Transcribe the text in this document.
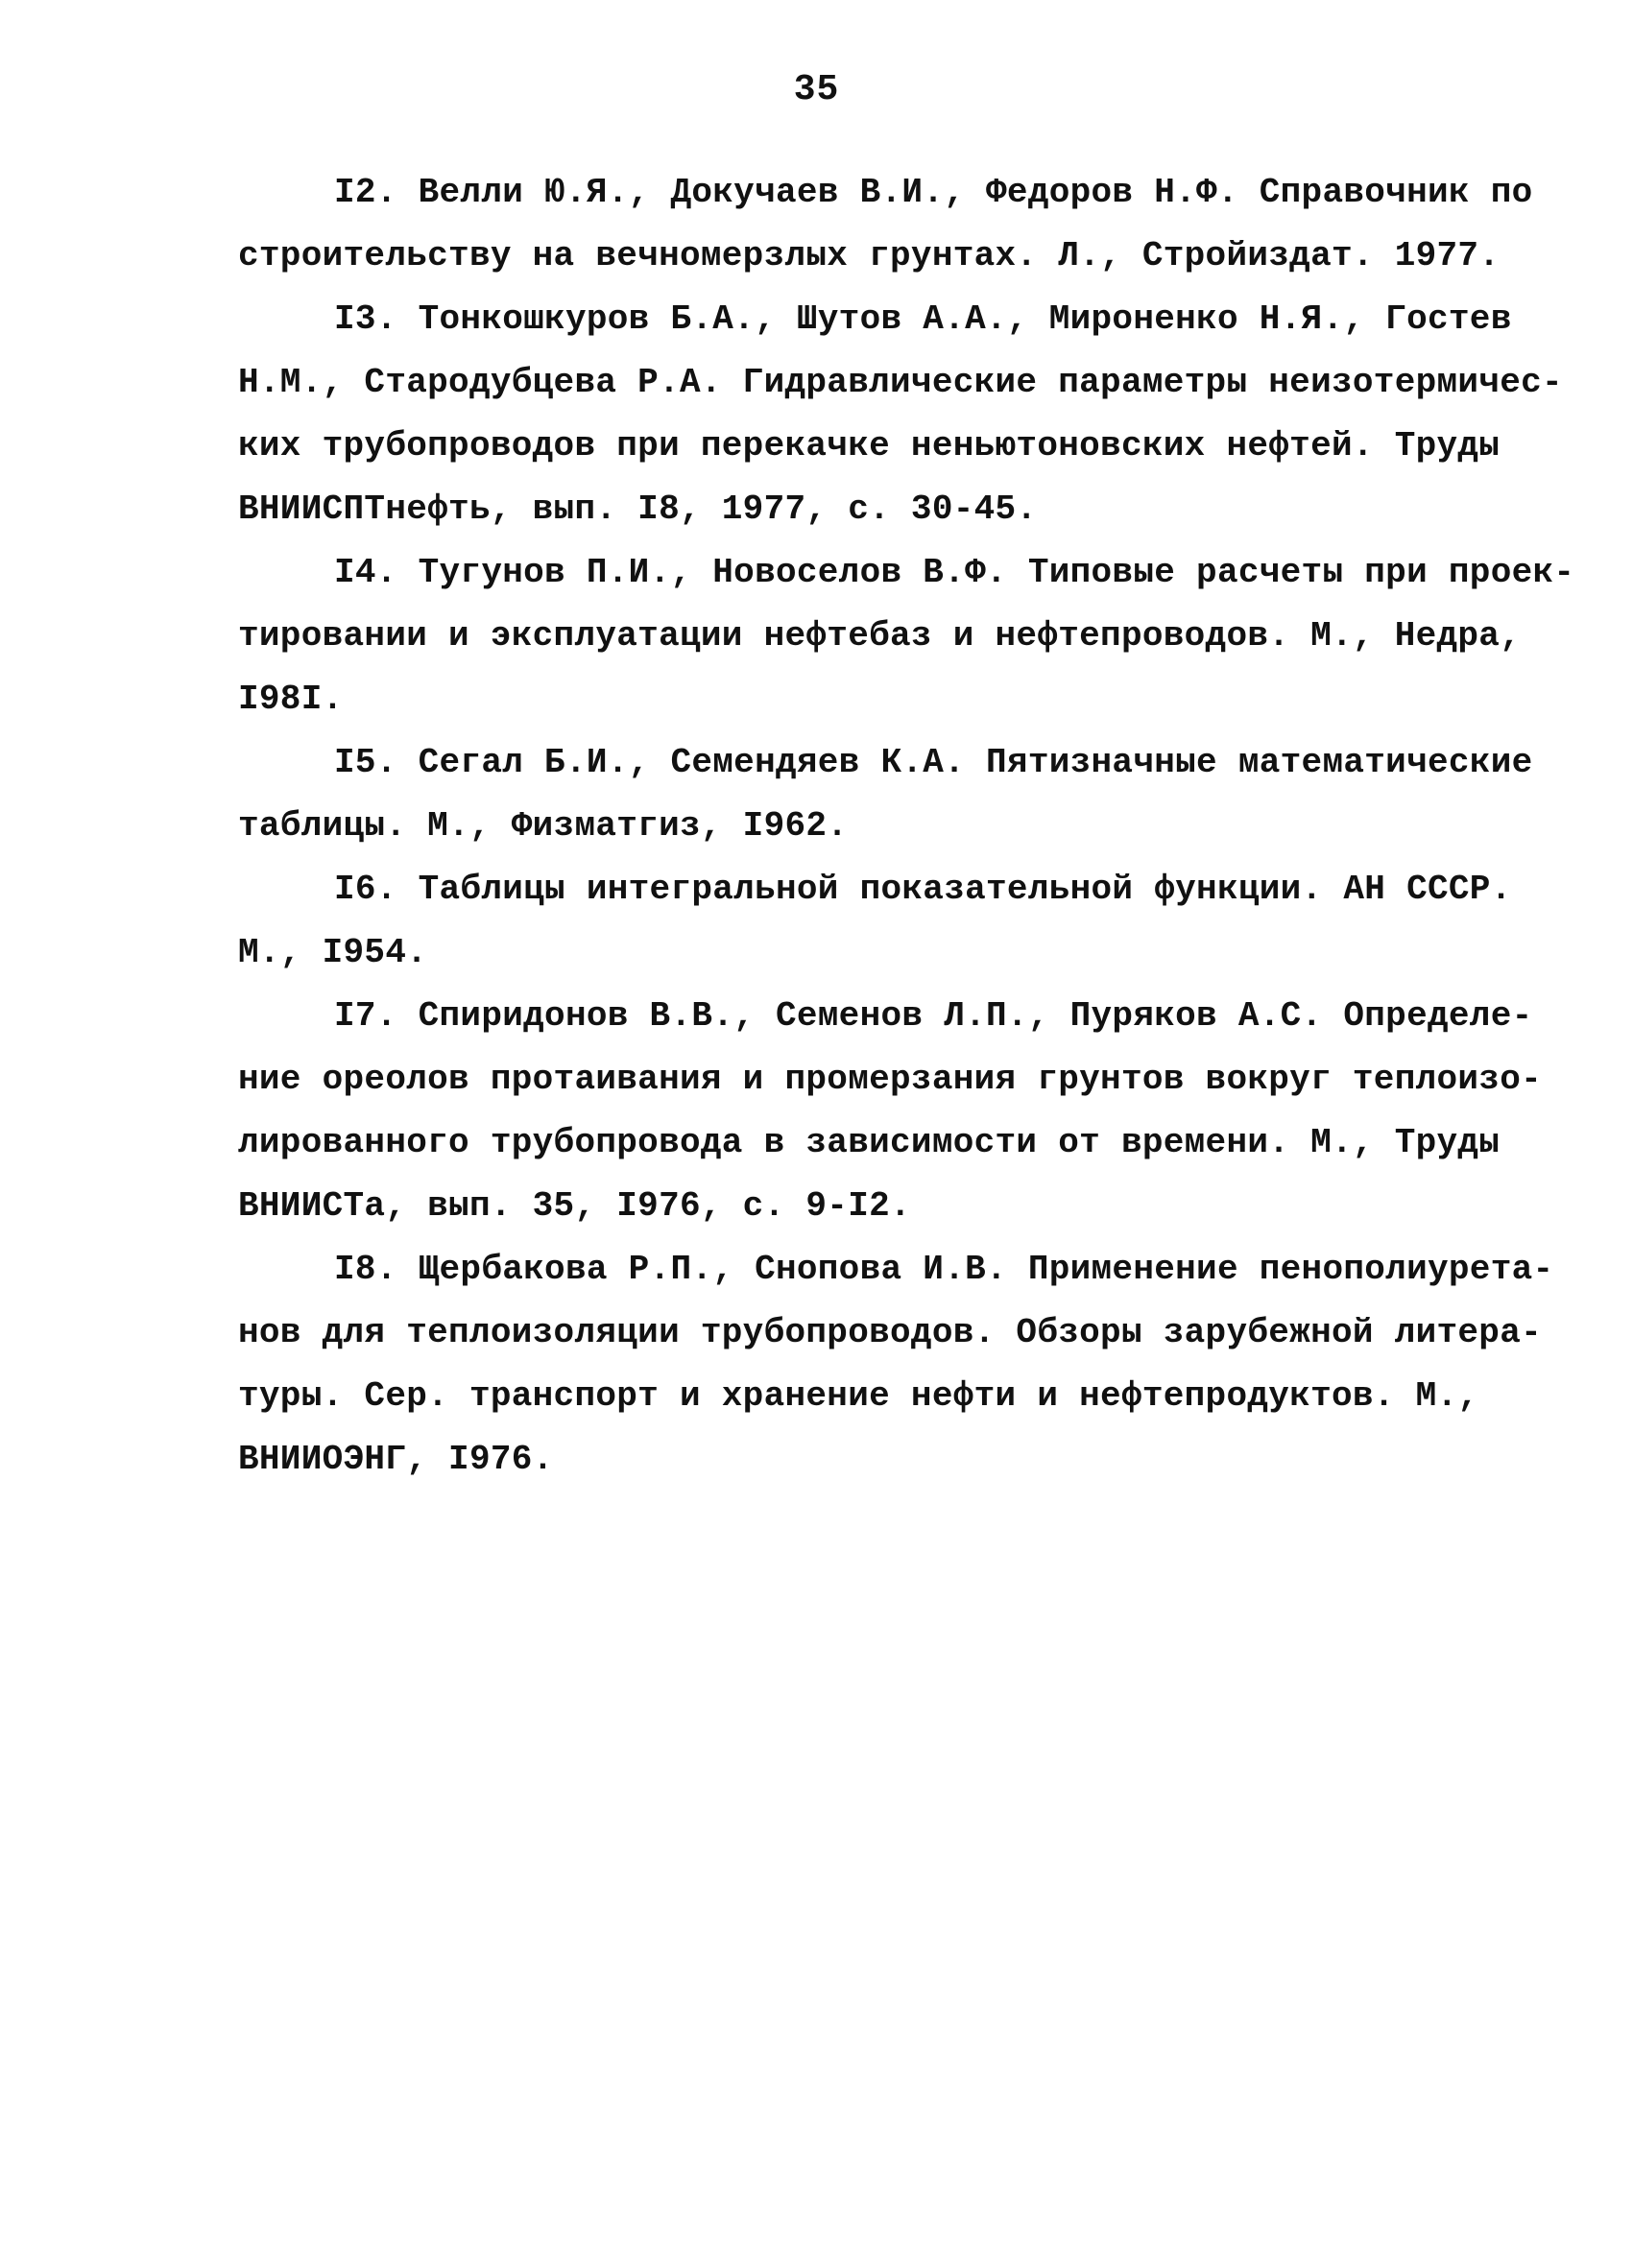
35
I2. Велли Ю.Я., Докучаев В.И., Федоров Н.Ф. Справочник по
строительству на вечномерзлых грунтах. Л., Стройиздат. 1977.
I3. Тонкошкуров Б.А., Шутов А.А., Мироненко Н.Я., Гостев
Н.М., Стародубцева Р.А. Гидравлические параметры неизотермичес-
ких трубопроводов при перекачке неньютоновских нефтей. Труды
ВНИИСПТнефть, вып. I8, 1977, с. 30-45.
I4. Тугунов П.И., Новоселов В.Ф. Типовые расчеты при проек-
тировании и эксплуатации нефтебаз и нефтепроводов. М., Недра,
I98I.
I5. Сегал Б.И., Семендяев К.А. Пятизначные математические
таблицы. М., Физматгиз, I962.
I6. Таблицы интегральной показательной функции. АН СССР.
М., I954.
I7. Спиридонов В.В., Семенов Л.П., Пуряков А.С. Определе-
ние ореолов протаивания и промерзания грунтов вокруг теплоизо-
лированного трубопровода в зависимости от времени. М., Труды
ВНИИСТа, вып. 35, I976, с. 9-I2.
I8. Щербакова Р.П., Снопова И.В. Применение пенополиурета-
нов для теплоизоляции трубопроводов. Обзоры зарубежной литера-
туры. Сер. транспорт и хранение нефти и нефтепродуктов. М.,
ВНИИОЭНГ, I976.
